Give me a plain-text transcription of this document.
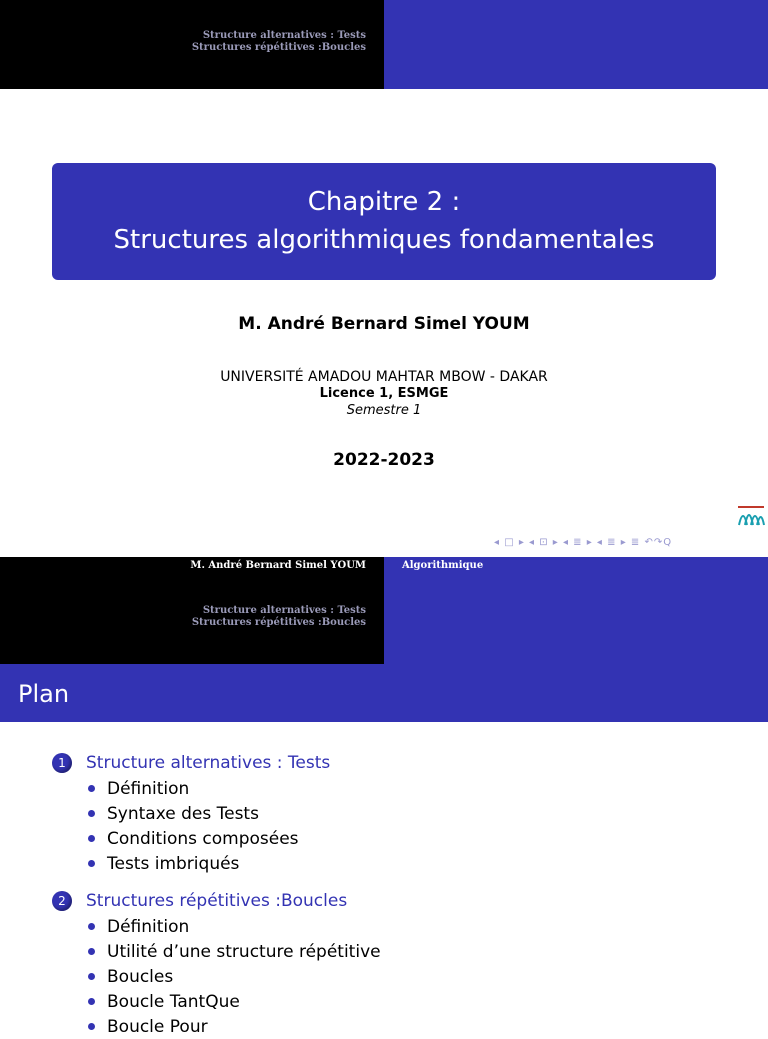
Structure alternatives : Tests
Structures répétitives :Boucles
Chapitre 2 :
Structures algorithmiques fondamentales
M. André Bernard Simel YOUM
UNIVERSITÉ AMADOU MAHTAR MBOW - DAKAR
Licence 1, ESMGE
Semestre 1
2022-2023
◂ □ ▸ ◂ ⊡ ▸ ◂ ≣ ▸ ◂ ≣ ▸ ≣ ↶↷Q
M. André Bernard Simel YOUM	Algorithmique
Structure alternatives : Tests
Structures répétitives :Boucles
Plan
1	Structure alternatives : Tests
Définition
Syntaxe des Tests
Conditions composées
Tests imbriqués
2	Structures répétitives :Boucles
Définition
Utilité d’une structure répétitive
Boucles
Boucle TantQue
Boucle Pour
